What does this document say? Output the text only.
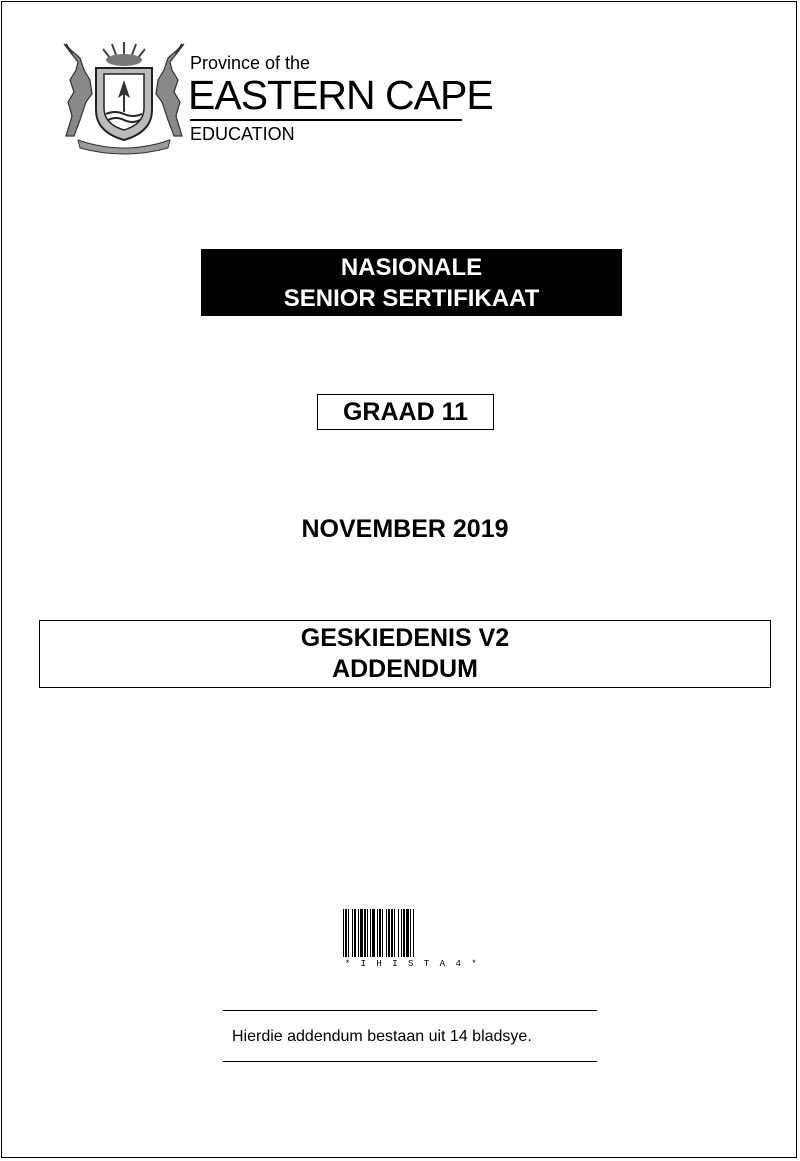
Province of the
EASTERN CAPE
EDUCATION
NASIONALE
SENIOR SERTIFIKAAT
GRAAD 11
NOVEMBER 2019
GESKIEDENIS V2
ADDENDUM
* I H I S T A 4 *
Hierdie addendum bestaan uit 14 bladsye.
